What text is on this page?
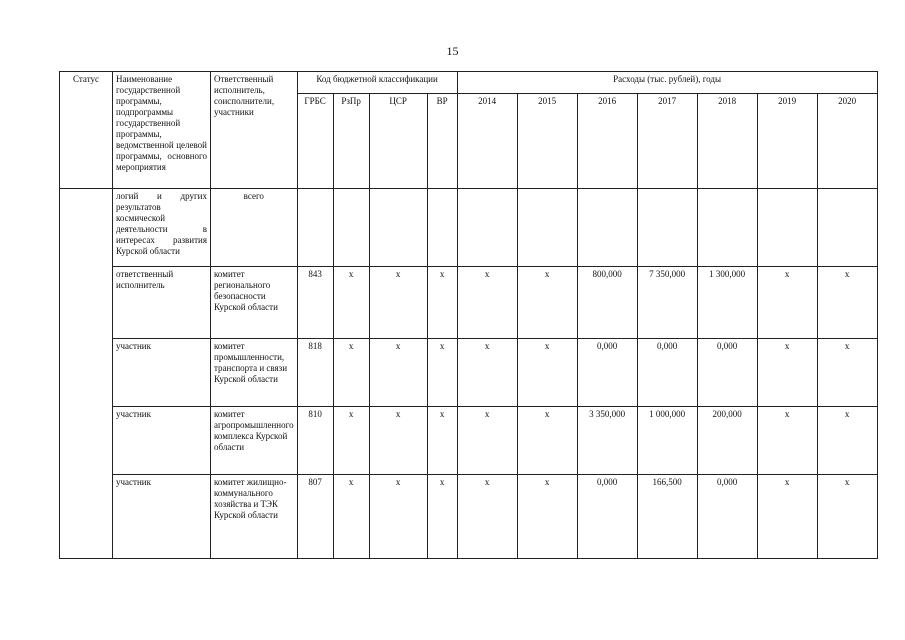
15
Статус	Наименование государственной программы, подпрограммы государственной программы, ведомственной целевой программы, основного мероприятия	Ответственный исполнитель, соисполнители, участники	Код бюджетной классификации				Расходы (тыс. рублей), годы						
			ГРБС	РзПр	ЦСР	ВР	2014	2015	2016	2017	2018	2019	2020
	логий и других результатов космической деятельности в интересах развития Курской области	всего											
	ответственный исполнитель	комитет регионального безопасности Курской области	843	х	х	х	х	х	800,000	7 350,000	1 300,000	х	х
	участник	комитет промышленности, транспорта и связи Курской области	818	х	х	х	х	х	0,000	0,000	0,000	х	х
	участник	комитет агропромышленного комплекса Курской области	810	х	х	х	х	х	3 350,000	1 000,000	200,000	х	х
	участник	комитет жилищно-коммунального хозяйства и ТЭК Курской области	807	х	х	х	х	х	0,000	166,500	0,000	х	х
